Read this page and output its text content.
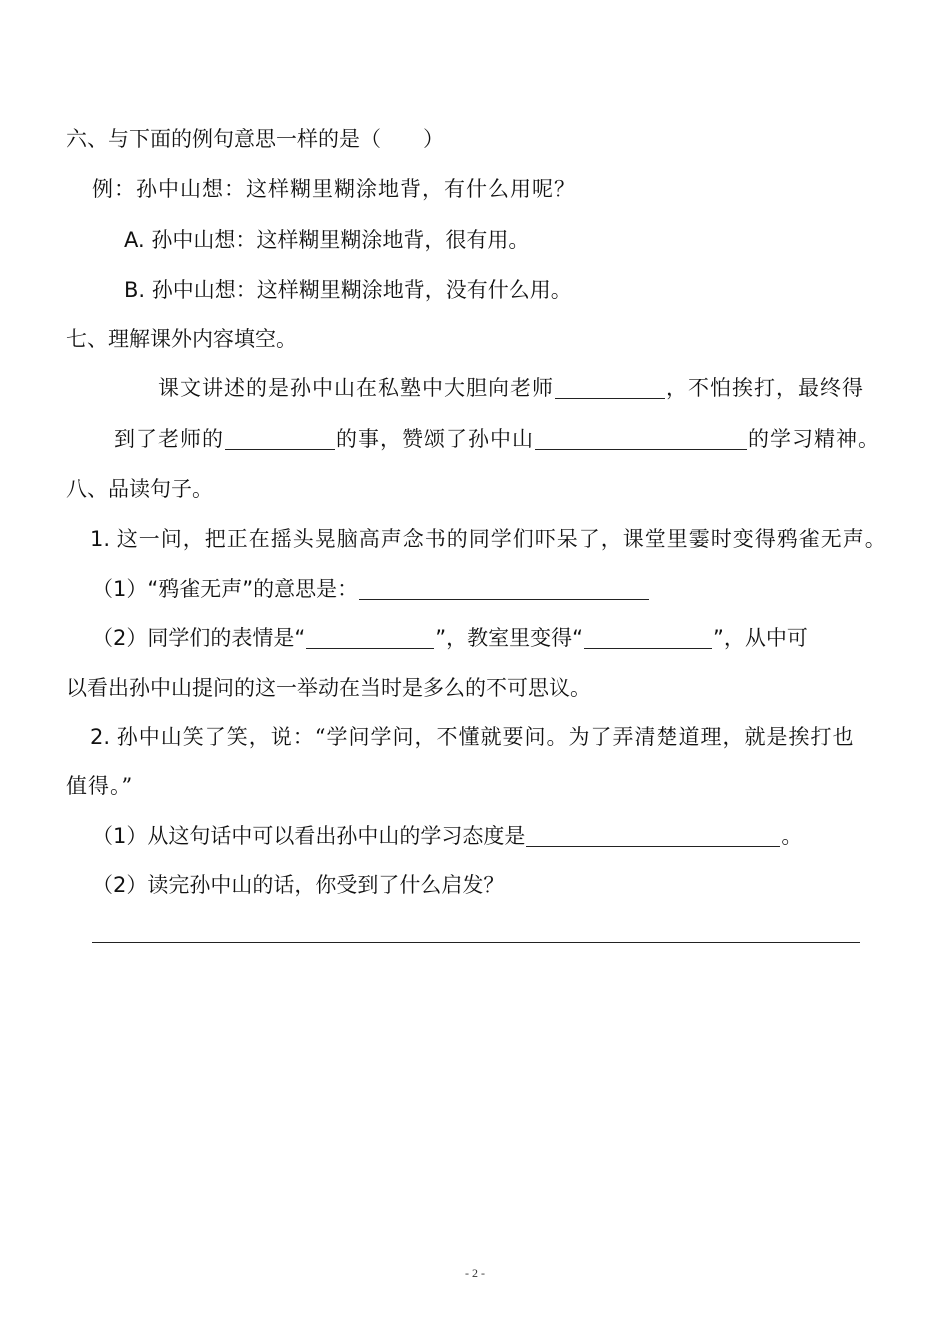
六、与下面的例句意思一样的是（　　）
例：孙中山想：这样糊里糊涂地背，有什么用呢？
A. 孙中山想：这样糊里糊涂地背，很有用。
B. 孙中山想：这样糊里糊涂地背，没有什么用。
七、理解课外内容填空。
课文讲述的是孙中山在私塾中大胆向老师	，不怕挨打，最终得
到了老师的	的事，赞颂了孙中山	的学习精神。
八、品读句子。
1. 这一问，把正在摇头晃脑高声念书的同学们吓呆了，课堂里霎时变得鸦雀无声。
（1）“鸦雀无声”的意思是：
（2）同学们的表情是“	”，教室里变得“	”，从中可
以看出孙中山提问的这一举动在当时是多么的不可思议。
2. 孙中山笑了笑，说：“学问学问，不懂就要问。为了弄清楚道理，就是挨打也
值得。”
（1）从这句话中可以看出孙中山的学习态度是	。
（2）读完孙中山的话，你受到了什么启发？
- 2 -
